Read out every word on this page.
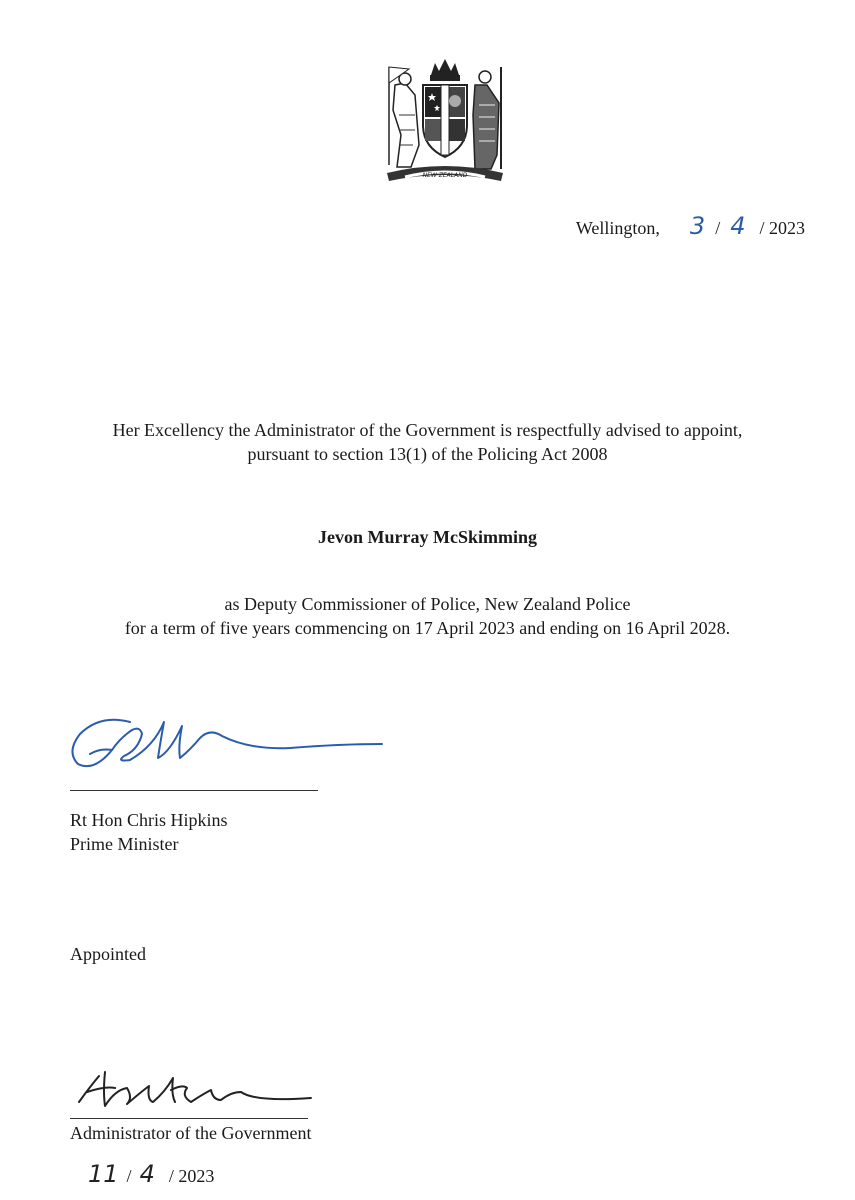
NEW ZEALAND
Wellington, 3 / 4 / 2023
Her Excellency the Administrator of the Government is respectfully advised to appoint,
pursuant to section 13(1) of the Policing Act 2008
Jevon Murray McSkimming
as Deputy Commissioner of Police, New Zealand Police
for a term of five years commencing on 17 April 2023 and ending on 16 April 2028.
Rt Hon Chris Hipkins
Prime Minister
Appointed
Administrator of the Government
11 / 4 / 2023
